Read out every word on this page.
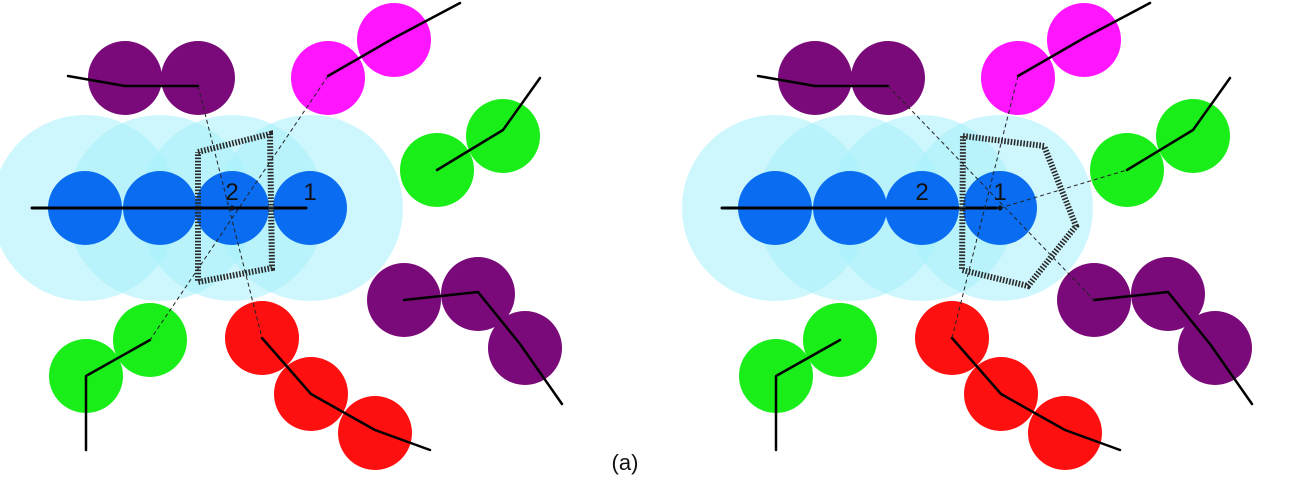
2	1	2	1
(a)
